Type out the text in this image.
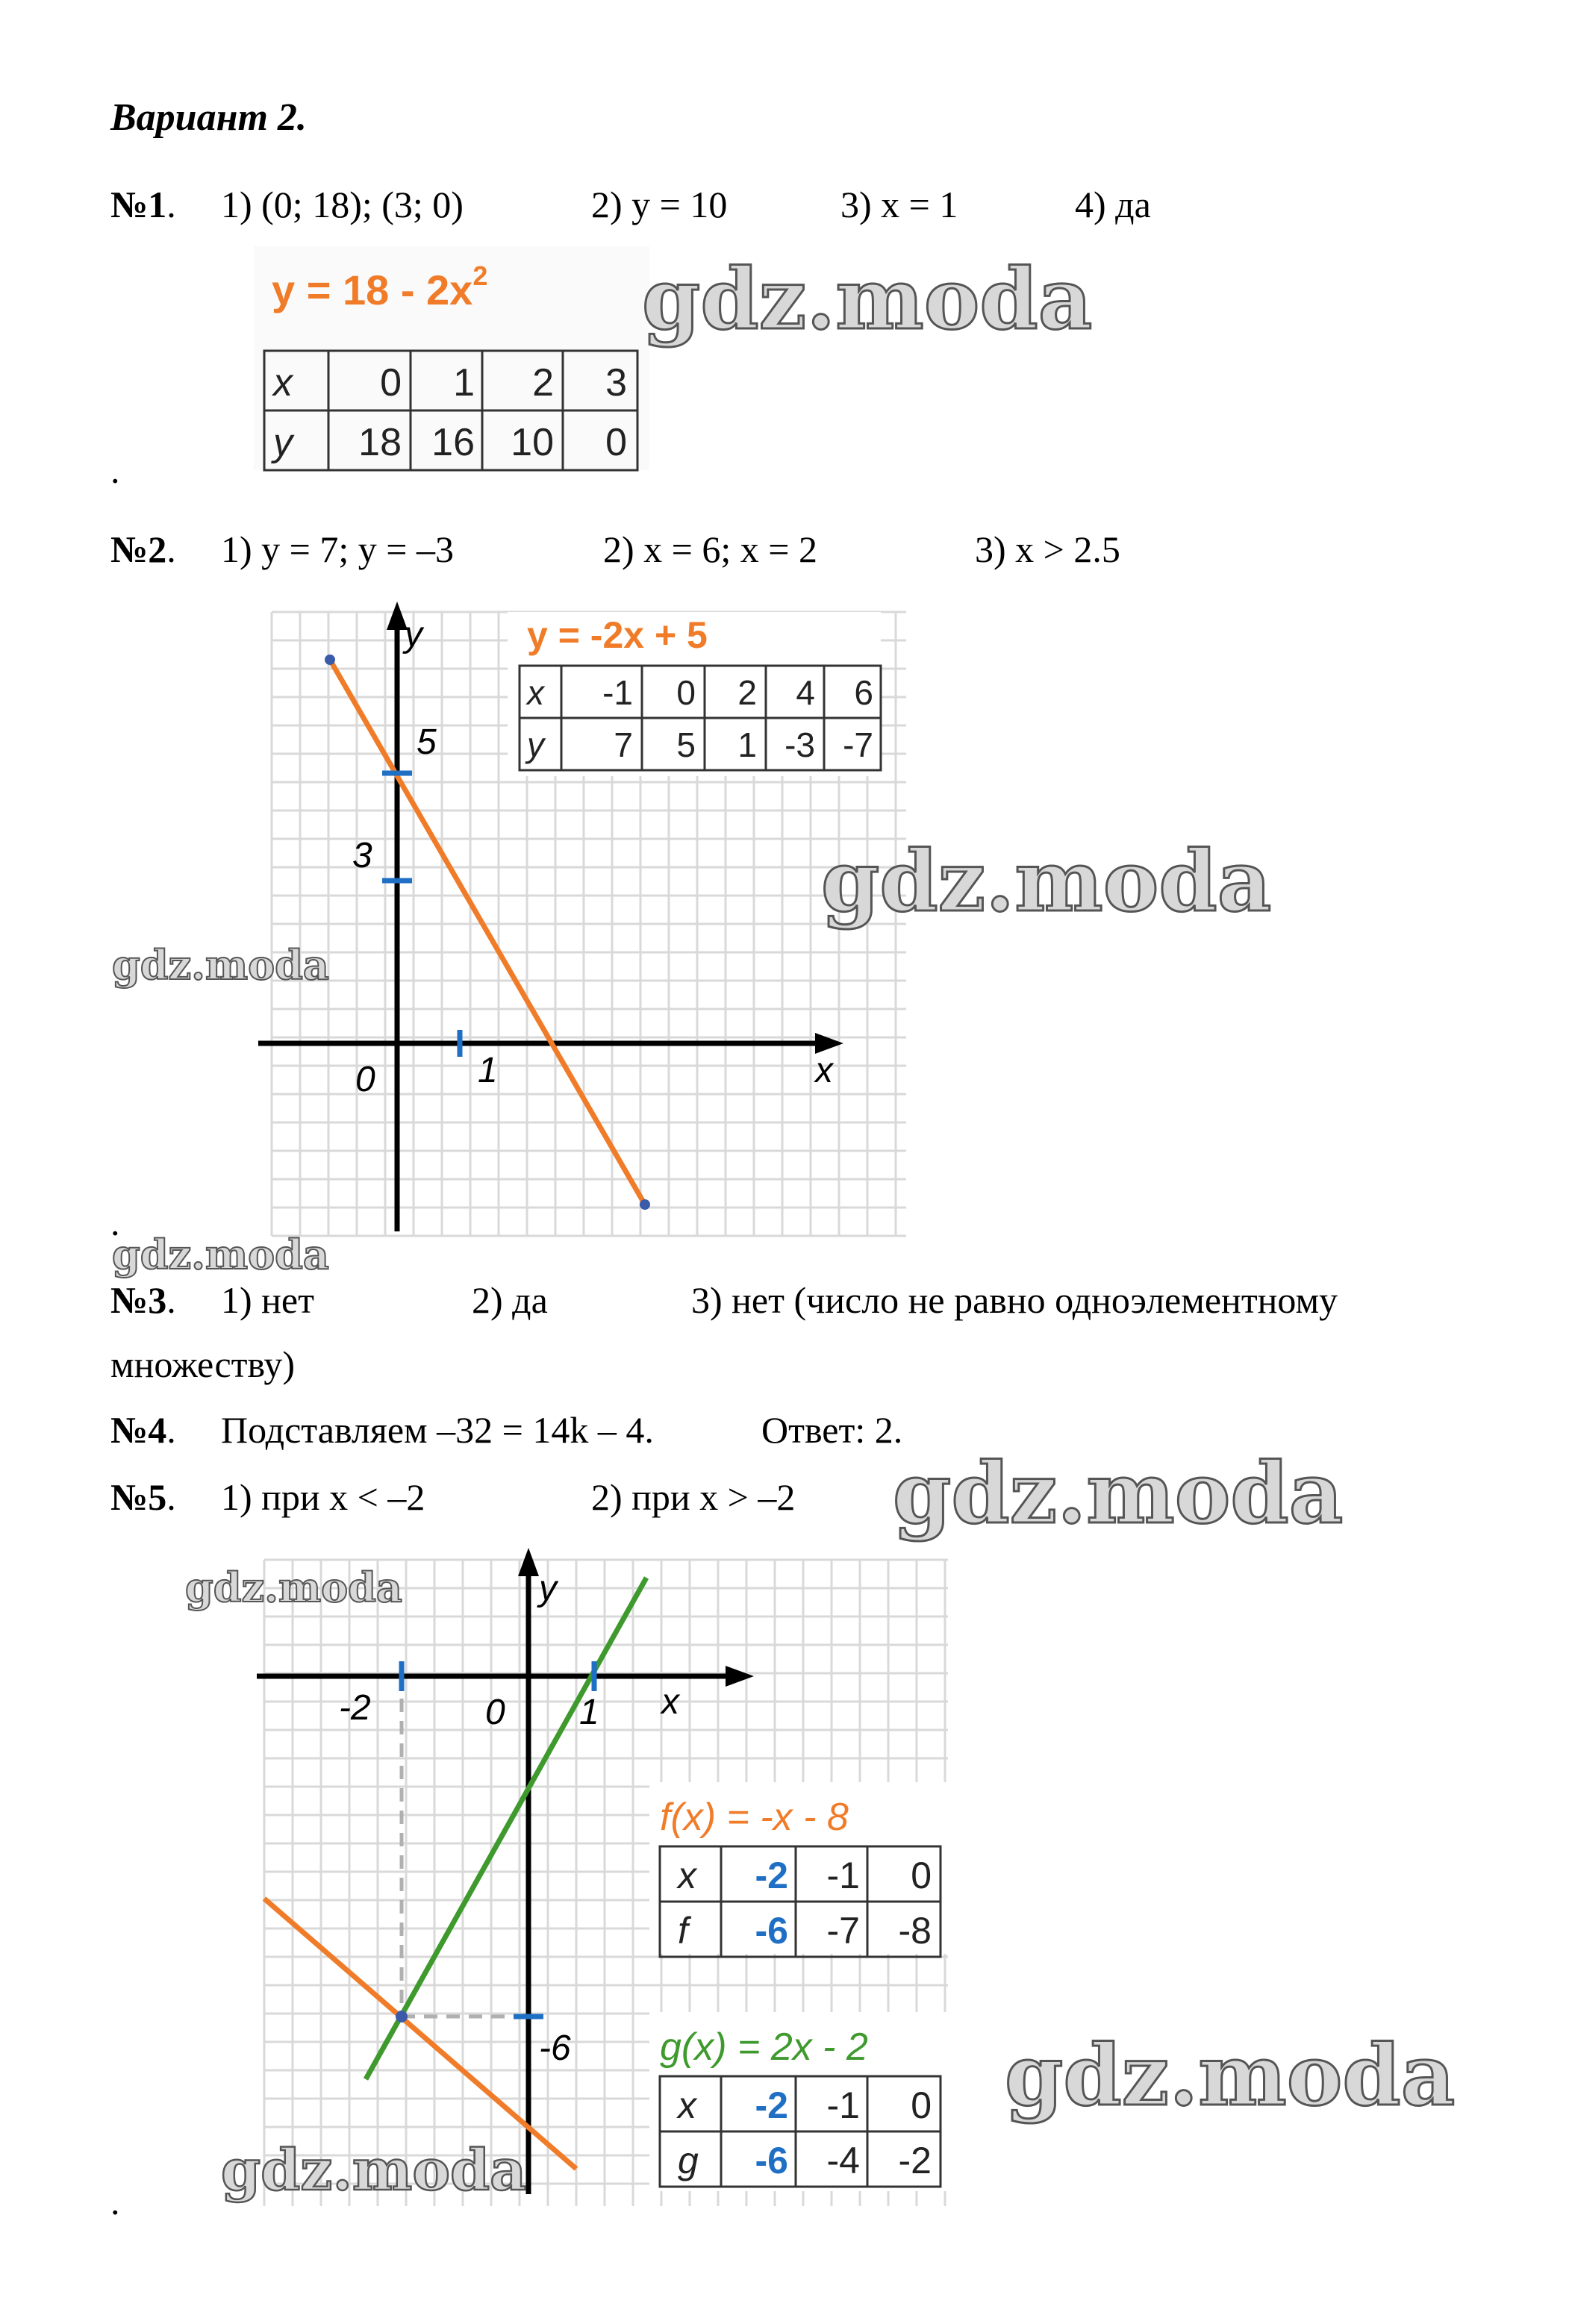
Вариант 2.
№1. 1) (0; 18); (3; 0)	2) y = 10	3) x = 1	4) да
$y = 18 - 2x^2$
x 0 1 2 3
y 18 16 10 0
gdz.moda
.
№2. 1) y = 7; y = –3	2) x = 6; x = 2	3) x > 2.5
y
x
0
5
3
1
y = -2x + 5
x -1 0 2 4 6
y 7 5 1 -3 -7
gdz.moda
gdz.moda
.
gdz.moda
№3. 1) нет	2) да	3) нет (число не равно одноэлементному
множеству)
№4. Подставляем –32 = 14k – 4.	Ответ: 2.
№5. 1) при x < –2	2) при x > –2 gdz.moda
y
x
0
-2	1
-6
f(x) = -x - 8
x -2 -1 0
f -6 -7 -8
g(x) = 2x - 2
x -2 -1 0
g -6 -4 -2
gdz.moda
gdz.moda
gdz.moda
.
